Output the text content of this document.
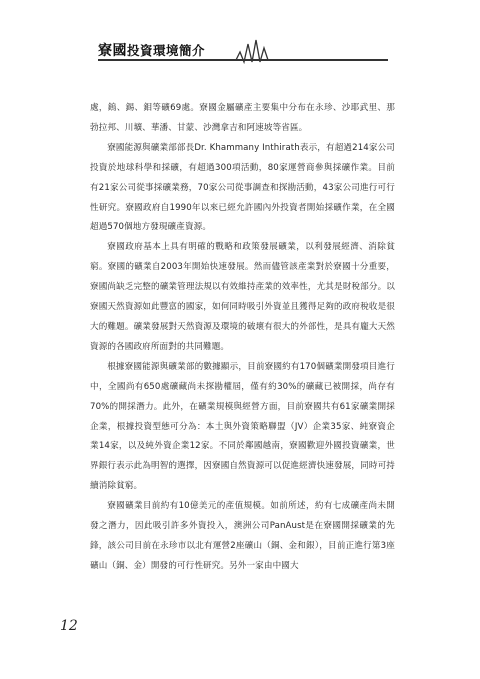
寮國投資環境簡介

處，鎢、錫、鉬等礦69處。寮國金屬礦產主要集中分布在永珍、沙耶武里、那勃拉邦、川壙、華潘、甘蒙、沙灣拿吉和阿速坡等省區。

寮國能源與礦業部部長Dr. Khammany Inthirath表示，有超過214家公司投資於地球科學和採礦，有超過300項活動，80家運營商參與採礦作業。目前有21家公司從事採礦業務，70家公司從事調查和探勘活動，43家公司進行可行性研究。寮國政府自1990年以來已經允許國內外投資者開始採礦作業，在全國超過570個地方發現礦產資源。

寮國政府基本上具有明確的戰略和政策發展礦業，以利發展經濟、消除貧窮。寮國的礦業自2003年開始快速發展。然而儘管該產業對於寮國十分重要，寮國尚缺乏完整的礦業管理法規以有效維持產業的效率性，尤其是財稅部分。以寮國天然資源如此豐富的國家，如何同時吸引外資並且獲得足夠的政府稅收是很大的難題。礦業發展對天然資源及環境的破壞有很大的外部性，是具有龐大天然資源的各國政府所面對的共同難題。

根據寮國能源與礦業部的數據顯示，目前寮國約有170個礦業開發項目進行中，全國尚有650處礦藏尚未探勘權屆，僅有約30%的礦藏已被開採，尚存有70%的開採潛力。此外，在礦業規模與經營方面，目前寮國共有61家礦業開採企業，根據投資型態可分為：本土與外資策略聯盟（JV）企業35家、純寮資企業14家，以及純外資企業12家。不同於鄰國越南，寮國歡迎外國投資礦業，世界銀行表示此為明智的選擇，因寮國自然資源可以促進經濟快速發展，同時可持續消除貧窮。

寮國礦業目前約有10億美元的產值規模。如前所述，約有七成礦產尚未開發之潛力，因此吸引許多外資投入，澳洲公司PanAust是在寮國開採礦業的先鋒，該公司目前在永珍市以北有運營2座礦山（銅、金和銀），目前正進行第3座礦山（銅、金）開發的可行性研究。另外一家由中國大

12
